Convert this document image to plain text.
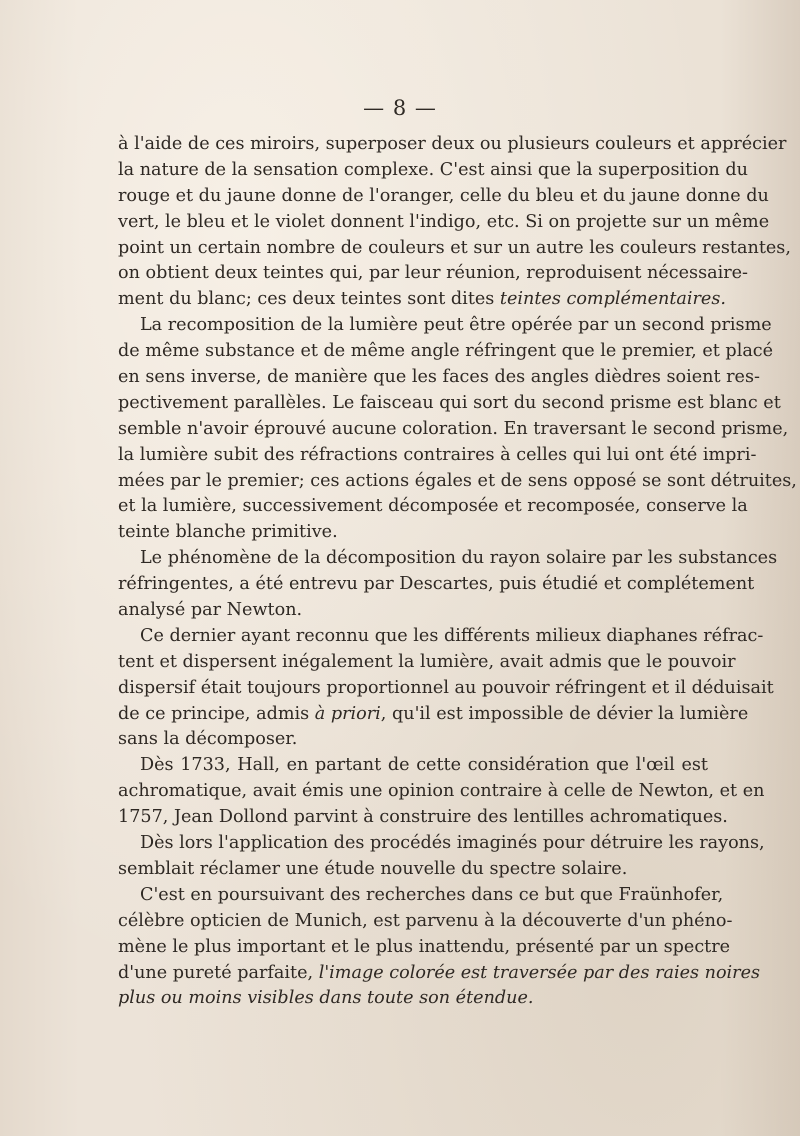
— 8 —
à l'aide de ces miroirs, superposer deux ou plusieurs couleurs et apprécier
la nature de la sensation complexe. C'est ainsi que la superposition du
rouge et du jaune donne de l'oranger, celle du bleu et du jaune donne du
vert, le bleu et le violet donnent l'indigo, etc. Si on projette sur un même
point un certain nombre de couleurs et sur un autre les couleurs restantes,
on obtient deux teintes qui, par leur réunion, reproduisent nécessaire-
ment du blanc; ces deux teintes sont dites teintes complémentaires.
La recomposition de la lumière peut être opérée par un second prisme
de même substance et de même angle réfringent que le premier, et placé
en sens inverse, de manière que les faces des angles dièdres soient res-
pectivement parallèles. Le faisceau qui sort du second prisme est blanc et
semble n'avoir éprouvé aucune coloration. En traversant le second prisme,
la lumière subit des réfractions contraires à celles qui lui ont été impri-
mées par le premier; ces actions égales et de sens opposé se sont détruites,
et la lumière, successivement décomposée et recomposée, conserve la
teinte blanche primitive.
Le phénomène de la décomposition du rayon solaire par les substances
réfringentes, a été entrevu par Descartes, puis étudié et complétement
analysé par Newton.
Ce dernier ayant reconnu que les différents milieux diaphanes réfrac-
tent et dispersent inégalement la lumière, avait admis que le pouvoir
dispersif était toujours proportionnel au pouvoir réfringent et il déduisait
de ce principe, admis à priori, qu'il est impossible de dévier la lumière
sans la décomposer.
Dès 1733, Hall, en partant de cette considération que l'œil est
achromatique, avait émis une opinion contraire à celle de Newton, et en
1757, Jean Dollond parvint à construire des lentilles achromatiques.
Dès lors l'application des procédés imaginés pour détruire les rayons,
semblait réclamer une étude nouvelle du spectre solaire.
C'est en poursuivant des recherches dans ce but que Fraünhofer,
célèbre opticien de Munich, est parvenu à la découverte d'un phéno-
mène le plus important et le plus inattendu, présenté par un spectre
d'une pureté parfaite, l'image colorée est traversée par des raies noires
plus ou moins visibles dans toute son étendue.
